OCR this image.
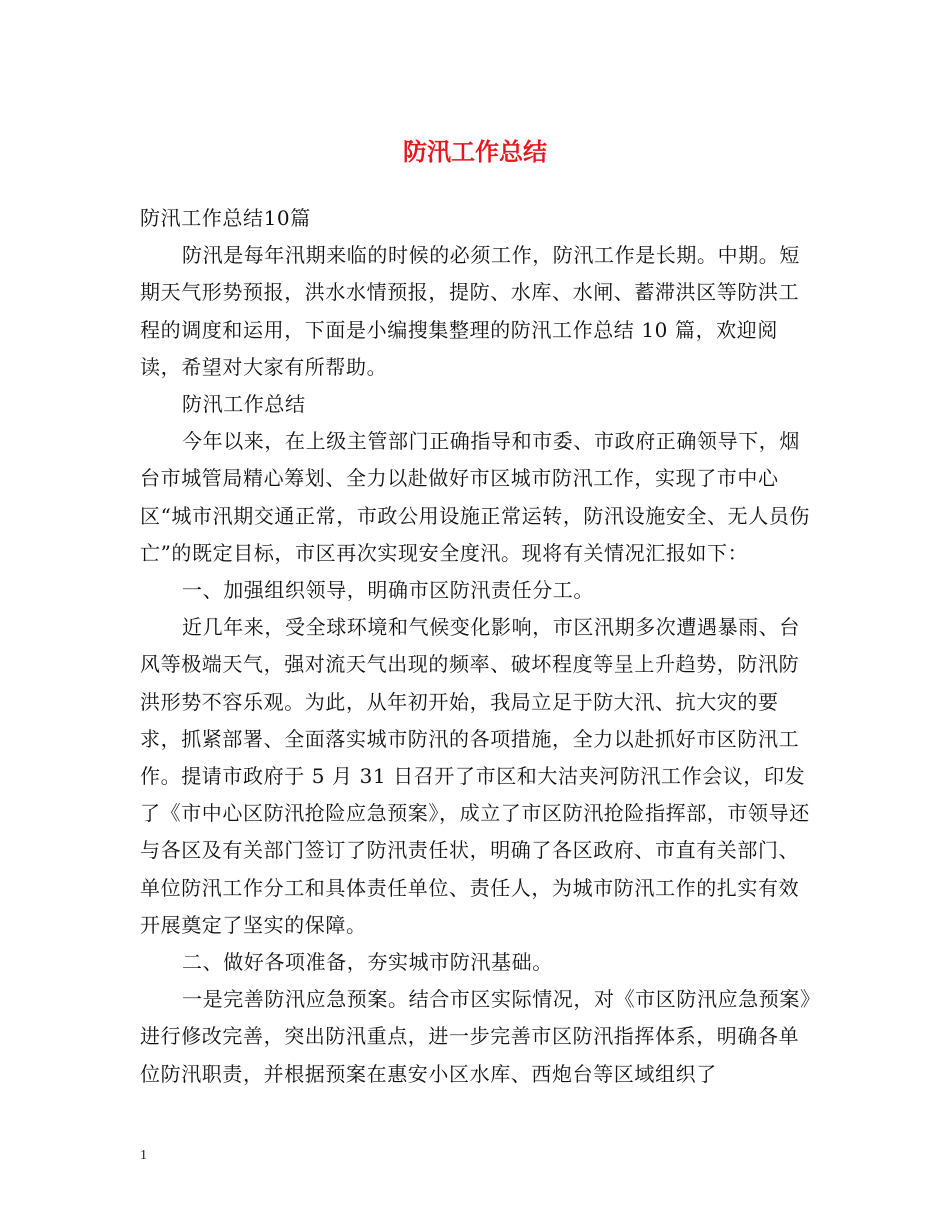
防汛工作总结

防汛工作总结10篇

防汛是每年汛期来临的时候的必须工作，防汛工作是长期。中期。短期天气形势预报，洪水水情预报，提防、水库、水闸、蓄滞洪区等防洪工程的调度和运用，下面是小编搜集整理的防汛工作总结 10 篇，欢迎阅读，希望对大家有所帮助。

防汛工作总结

今年以来，在上级主管部门正确指导和市委、市政府正确领导下，烟台市城管局精心筹划、全力以赴做好市区城市防汛工作，实现了市中心区“城市汛期交通正常，市政公用设施正常运转，防汛设施安全、无人员伤亡”的既定目标，市区再次实现安全度汛。现将有关情况汇报如下：

一、加强组织领导，明确市区防汛责任分工。

近几年来，受全球环境和气候变化影响，市区汛期多次遭遇暴雨、台风等极端天气，强对流天气出现的频率、破坏程度等呈上升趋势，防汛防洪形势不容乐观。为此，从年初开始，我局立足于防大汛、抗大灾的要求，抓紧部署、全面落实城市防汛的各项措施，全力以赴抓好市区防汛工作。提请市政府于 5 月 31 日召开了市区和大沽夹河防汛工作会议，印发了《市中心区防汛抢险应急预案》，成立了市区防汛抢险指挥部，市领导还与各区及有关部门签订了防汛责任状，明确了各区政府、市直有关部门、单位防汛工作分工和具体责任单位、责任人，为城市防汛工作的扎实有效开展奠定了坚实的保障。

二、做好各项准备，夯实城市防汛基础。

一是完善防汛应急预案。结合市区实际情况，对《市区防汛应急预案》进行修改完善，突出防汛重点，进一步完善市区防汛指挥体系，明确各单位防汛职责，并根据预案在惠安小区水库、西炮台等区域组织了

1
